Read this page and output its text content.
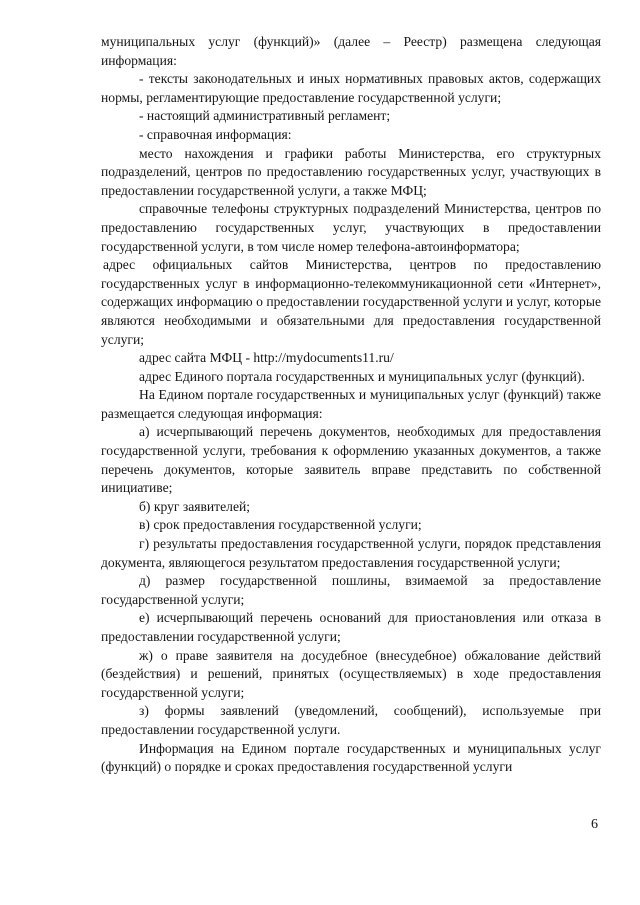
муниципальных услуг (функций)» (далее – Реестр) размещена следующая информация:

- тексты законодательных и иных нормативных правовых актов, содержащих нормы, регламентирующие предоставление государственной услуги;

- настоящий административный регламент;

- справочная информация:

место нахождения и графики работы Министерства, его структурных подразделений, центров по предоставлению государственных услуг, участвующих в предоставлении государственной услуги, а также МФЦ;

справочные телефоны структурных подразделений Министерства, центров по предоставлению государственных услуг, участвующих в предоставлении государственной услуги, в том числе номер телефона-автоинформатора;

адрес официальных сайтов Министерства, центров по предоставлению государственных услуг в информационно-телекоммуникационной сети «Интернет», содержащих информацию о предоставлении государственной услуги и услуг, которые являются необходимыми и обязательными для предоставления государственной услуги;

адрес сайта МФЦ - http://mydocuments11.ru/

адрес Единого портала государственных и муниципальных услуг (функций).

На Едином портале государственных и муниципальных услуг (функций) также размещается следующая информация:

а) исчерпывающий перечень документов, необходимых для предоставления государственной услуги, требования к оформлению указанных документов, а также перечень документов, которые заявитель вправе представить по собственной инициативе;

б) круг заявителей;

в) срок предоставления государственной услуги;

г) результаты предоставления государственной услуги, порядок представления документа, являющегося результатом предоставления государственной услуги;

д) размер государственной пошлины, взимаемой за предоставление государственной услуги;

е) исчерпывающий перечень оснований для приостановления или отказа в предоставлении государственной услуги;

ж) о праве заявителя на досудебное (внесудебное) обжалование действий (бездействия) и решений, принятых (осуществляемых) в ходе предоставления государственной услуги;

з) формы заявлений (уведомлений, сообщений), используемые при предоставлении государственной услуги.

Информация на Едином портале государственных и муниципальных услуг (функций) о порядке и сроках предоставления государственной услуги

6
